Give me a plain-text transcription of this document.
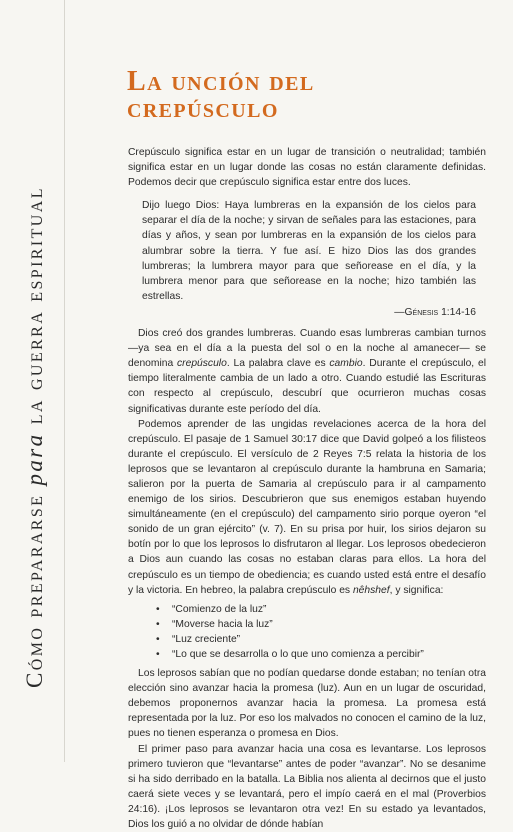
Cómo prepararse para la guerra espiritual
La unción del
crepúsculo

Crepúsculo significa estar en un lugar de transición o neutralidad; también significa estar en un lugar donde las cosas no están claramente definidas. Podemos decir que crepúsculo significa estar entre dos luces.

Dijo luego Dios: Haya lumbreras en la expansión de los cielos para separar el día de la noche; y sirvan de señales para las estaciones, para días y años, y sean por lumbreras en la expansión de los cielos para alumbrar sobre la tierra. Y fue así. E hizo Dios las dos grandes lumbreras; la lumbrera mayor para que señorease en el día, y la lumbrera menor para que señorease en la noche; hizo también las estrellas.

—Génesis 1:14-16

Dios creó dos grandes lumbreras. Cuando esas lumbreras cambian turnos —ya sea en el día a la puesta del sol o en la noche al amanecer— se denomina crepúsculo. La palabra clave es cambio. Durante el crepúsculo, el tiempo literalmente cambia de un lado a otro. Cuando estudié las Escrituras con respecto al crepúsculo, descubrí que ocurrieron muchas cosas significativas durante este período del día.

Podemos aprender de las ungidas revelaciones acerca de la hora del crepúsculo. El pasaje de 1 Samuel 30:17 dice que David golpeó a los filisteos durante el crepúsculo. El versículo de 2 Reyes 7:5 relata la historia de los leprosos que se levantaron al crepúsculo durante la hambruna en Samaria; salieron por la puerta de Samaria al crepúsculo para ir al campamento enemigo de los sirios. Descubrieron que sus enemigos estaban huyendo simultáneamente (en el crepúsculo) del campamento sirio porque oyeron “el sonido de un gran ejército” (v. 7). En su prisa por huir, los sirios dejaron su botín por lo que los leprosos lo disfrutaron al llegar. Los leprosos obedecieron a Dios aun cuando las cosas no estaban claras para ellos. La hora del crepúsculo es un tiempo de obediencia; es cuando usted está entre el desafío y la victoria. En hebreo, la palabra crepúsculo es nêhshef, y significa:

• “Comienzo de la luz”
• “Moverse hacia la luz”
• “Luz creciente”
• “Lo que se desarrolla o lo que uno comienza a percibir”

Los leprosos sabían que no podían quedarse donde estaban; no tenían otra elección sino avanzar hacia la promesa (luz). Aun en un lugar de oscuridad, debemos proponernos avanzar hacia la promesa. La promesa está representada por la luz. Por eso los malvados no conocen el camino de la luz, pues no tienen esperanza o promesa en Dios.

El primer paso para avanzar hacia una cosa es levantarse. Los leprosos primero tuvieron que “levantarse” antes de poder “avanzar”. No se desanime si ha sido derribado en la batalla. La Biblia nos alienta al decirnos que el justo caerá siete veces y se levantará, pero el impío caerá en el mal (Proverbios 24:16). ¡Los leprosos se levantaron otra vez! En su estado ya levantados, Dios los guió a no olvidar de dónde habían
